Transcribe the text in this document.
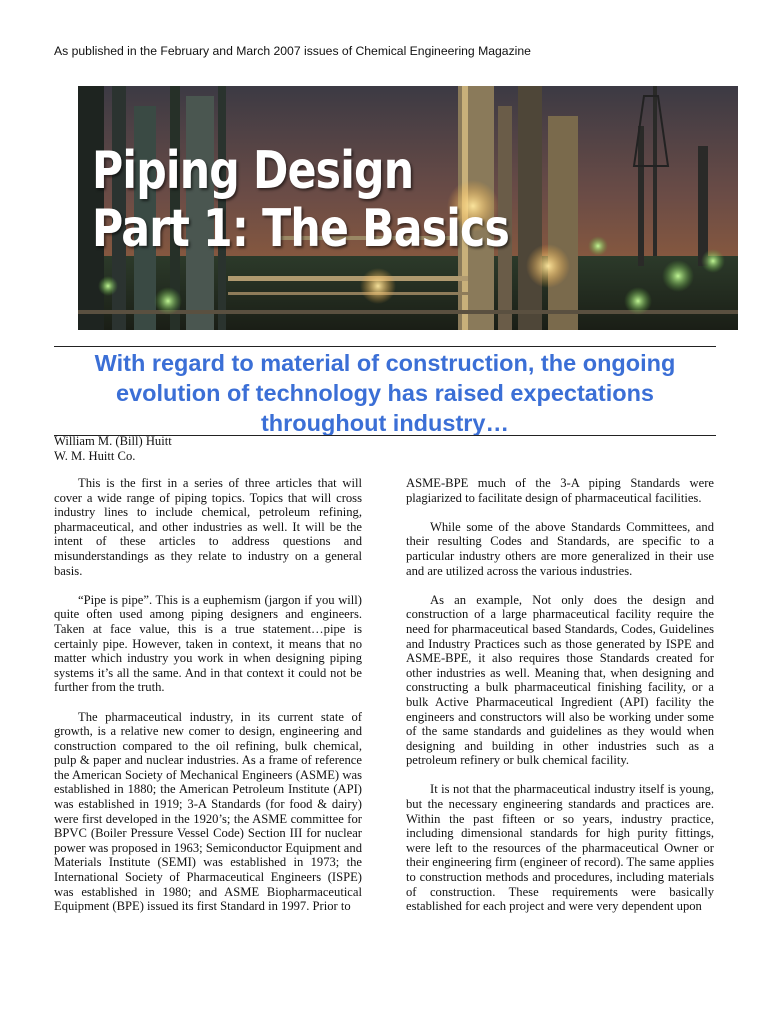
As published in the February and March 2007 issues of Chemical Engineering Magazine
Piping Design
Part 1: The Basics
With regard to material of construction, the ongoing
evolution of technology has raised expectations
throughout industry…
William M. (Bill) Huitt
W. M. Huitt Co.

This is the first in a series of three articles that will cover a wide range of piping topics. Topics that will cross industry lines to include chemical, petroleum refining, pharmaceutical, and other industries as well. It will be the intent of these articles to address questions and misunderstandings as they relate to industry on a general basis.

“Pipe is pipe”. This is a euphemism (jargon if you will) quite often used among piping designers and engineers. Taken at face value, this is a true statement…pipe is certainly pipe. However, taken in context, it means that no matter which industry you work in when designing piping systems it’s all the same. And in that context it could not be further from the truth.

The pharmaceutical industry, in its current state of growth, is a relative new comer to design, engineering and construction compared to the oil refining, bulk chemical, pulp & paper and nuclear industries. As a frame of reference the American Society of Mechanical Engineers (ASME) was established in 1880; the American Petroleum Institute (API) was established in 1919; 3-A Standards (for food & dairy) were first developed in the 1920’s; the ASME committee for BPVC (Boiler Pressure Vessel Code) Section III for nuclear power was proposed in 1963; Semiconductor Equipment and Materials Institute (SEMI) was established in 1973; the International Society of Pharmaceutical Engineers (ISPE) was established in 1980; and ASME Biopharmaceutical Equipment (BPE) issued its first Standard in 1997. Prior to

ASME-BPE much of the 3-A piping Standards were plagiarized to facilitate design of pharmaceutical facilities.

While some of the above Standards Committees, and their resulting Codes and Standards, are specific to a particular industry others are more generalized in their use and are utilized across the various industries.

As an example, Not only does the design and construction of a large pharmaceutical facility require the need for pharmaceutical based Standards, Codes, Guidelines and Industry Practices such as those generated by ISPE and ASME-BPE, it also requires those Standards created for other industries as well. Meaning that, when designing and constructing a bulk pharmaceutical finishing facility, or a bulk Active Pharmaceutical Ingredient (API) facility the engineers and constructors will also be working under some of the same standards and guidelines as they would when designing and building in other industries such as a petroleum refinery or bulk chemical facility.

It is not that the pharmaceutical industry itself is young, but the necessary engineering standards and practices are. Within the past fifteen or so years, industry practice, including dimensional standards for high purity fittings, were left to the resources of the pharmaceutical Owner or their engineering firm (engineer of record). The same applies to construction methods and procedures, including materials of construction. These requirements were basically established for each project and were very dependent upon
